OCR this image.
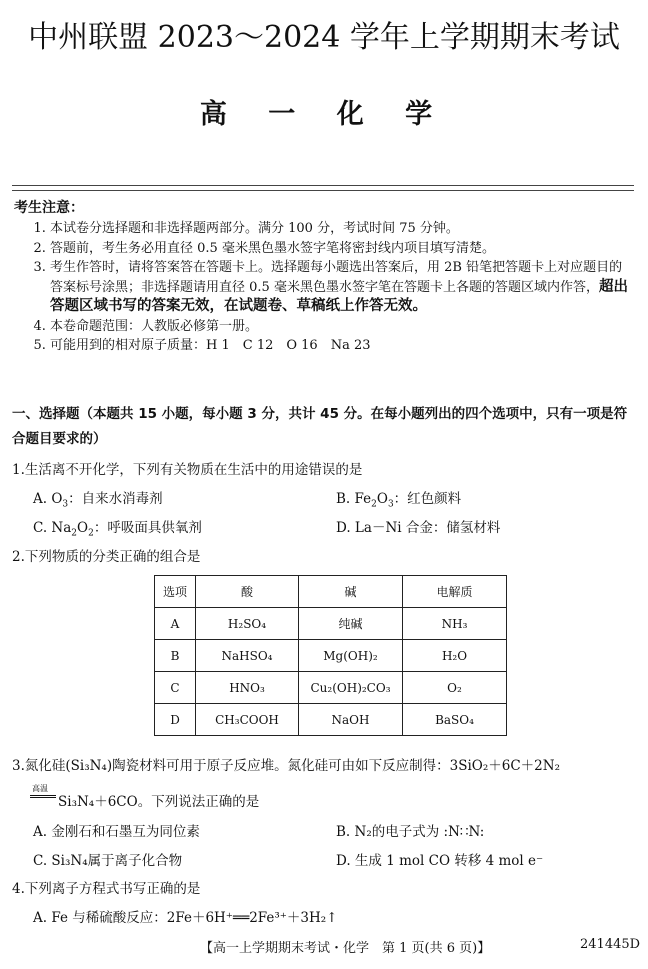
中州联盟 2023～2024 学年上学期期末考试
高 一 化 学
考生注意：
1. 本试卷分选择题和非选择题两部分。满分 100 分，考试时间 75 分钟。
2. 答题前，考生务必用直径 0.5 毫米黑色墨水签字笔将密封线内项目填写清楚。
3. 考生作答时，请将答案答在答题卡上。选择题每小题选出答案后，用 2B 铅笔把答题卡上对应题目的答案标号涂黑；非选择题请用直径 0.5 毫米黑色墨水签字笔在答题卡上各题的答题区域内作答，超出答题区域书写的答案无效，在试题卷、草稿纸上作答无效。
4. 本卷命题范围：人教版必修第一册。
5. 可能用到的相对原子质量：H 1　C 12　O 16　Na 23
一、选择题（本题共 15 小题，每小题 3 分，共计 45 分。在每小题列出的四个选项中，只有一项是符合题目要求的）
1.生活离不开化学，下列有关物质在生活中的用途错误的是
A. $O_3$：自来水消毒剂	B. $Fe_2O_3$：红色颜料
C. $Na_2O_2$：呼吸面具供氧剂	D. La－Ni 合金：储氢材料
2.下列物质的分类正确的组合是
选项	酸	碱	电解质
A	H₂SO₄	纯碱	NH₃
B	NaHSO₄	Mg(OH)₂	H₂O
C	HNO₃	Cu₂(OH)₂CO₃	O₂
D	CH₃COOH	NaOH	BaSO₄
3.氮化硅(Si₃N₄)陶瓷材料可用于原子反应堆。氮化硅可由如下反应制得：3SiO₂＋6C＋2N₂
高温
Si₃N₄＋6CO。下列说法正确的是
A. 金刚石和石墨互为同位素	B. N₂的电子式为 :N∷N:
C. Si₃N₄属于离子化合物	D. 生成 1 mol CO 转移 4 mol e⁻
4.下列离子方程式书写正确的是
A. Fe 与稀硫酸反应：2Fe＋6H⁺══2Fe³⁺＋3H₂↑
【高一上学期期末考试・化学　第 1 页(共 6 页)】	241445D
